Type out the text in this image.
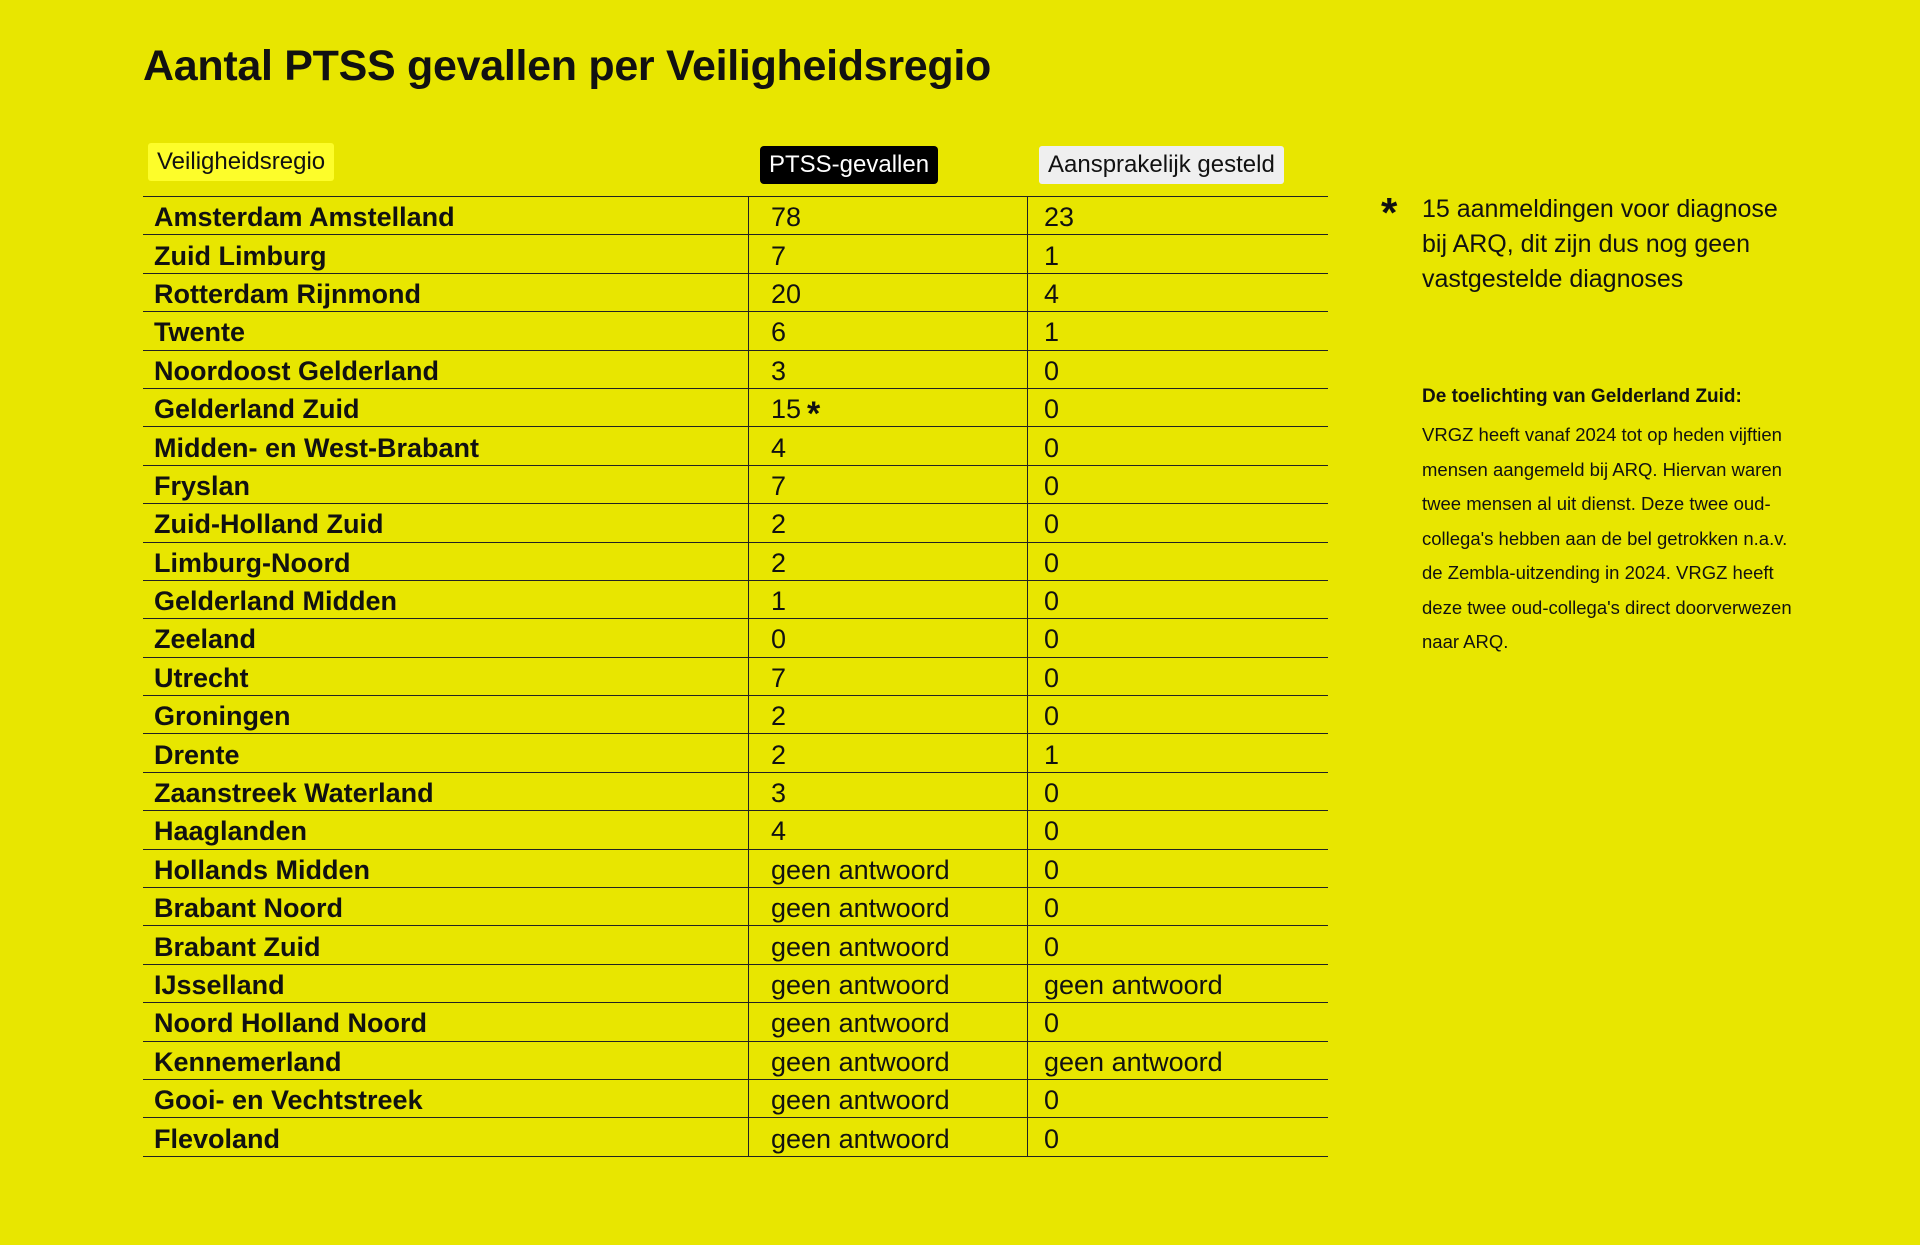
Aantal PTSS gevallen per Veiligheidsregio
Veiligheidsregio	PTSS-gevallen	Aansprakelijk gesteld
Amsterdam Amstelland	78	23
Zuid Limburg	7	1
Rotterdam Rijnmond	20	4
Twente	6	1
Noordoost Gelderland	3	0
Gelderland Zuid	15 *	0
Midden- en West-Brabant	4	0
Fryslan	7	0
Zuid-Holland Zuid	2	0
Limburg-Noord	2	0
Gelderland Midden	1	0
Zeeland	0	0
Utrecht	7	0
Groningen	2	0
Drente	2	1
Zaanstreek Waterland	3	0
Haaglanden	4	0
Hollands Midden	geen antwoord	0
Brabant Noord	geen antwoord	0
Brabant Zuid	geen antwoord	0
IJsselland	geen antwoord	geen antwoord
Noord Holland Noord	geen antwoord	0
Kennemerland	geen antwoord	geen antwoord
Gooi- en Vechtstreek	geen antwoord	0
Flevoland	geen antwoord	0
* 15 aanmeldingen voor diagnose bij ARQ, dit zijn dus nog geen vastgestelde diagnoses

De toelichting van Gelderland Zuid:

VRGZ heeft vanaf 2024 tot op heden vijftien mensen aangemeld bij ARQ. Hiervan waren twee mensen al uit dienst. Deze twee oud-collega's hebben aan de bel getrokken n.a.v. de Zembla-uitzending in 2024. VRGZ heeft deze twee oud-collega's direct doorverwezen naar ARQ.
